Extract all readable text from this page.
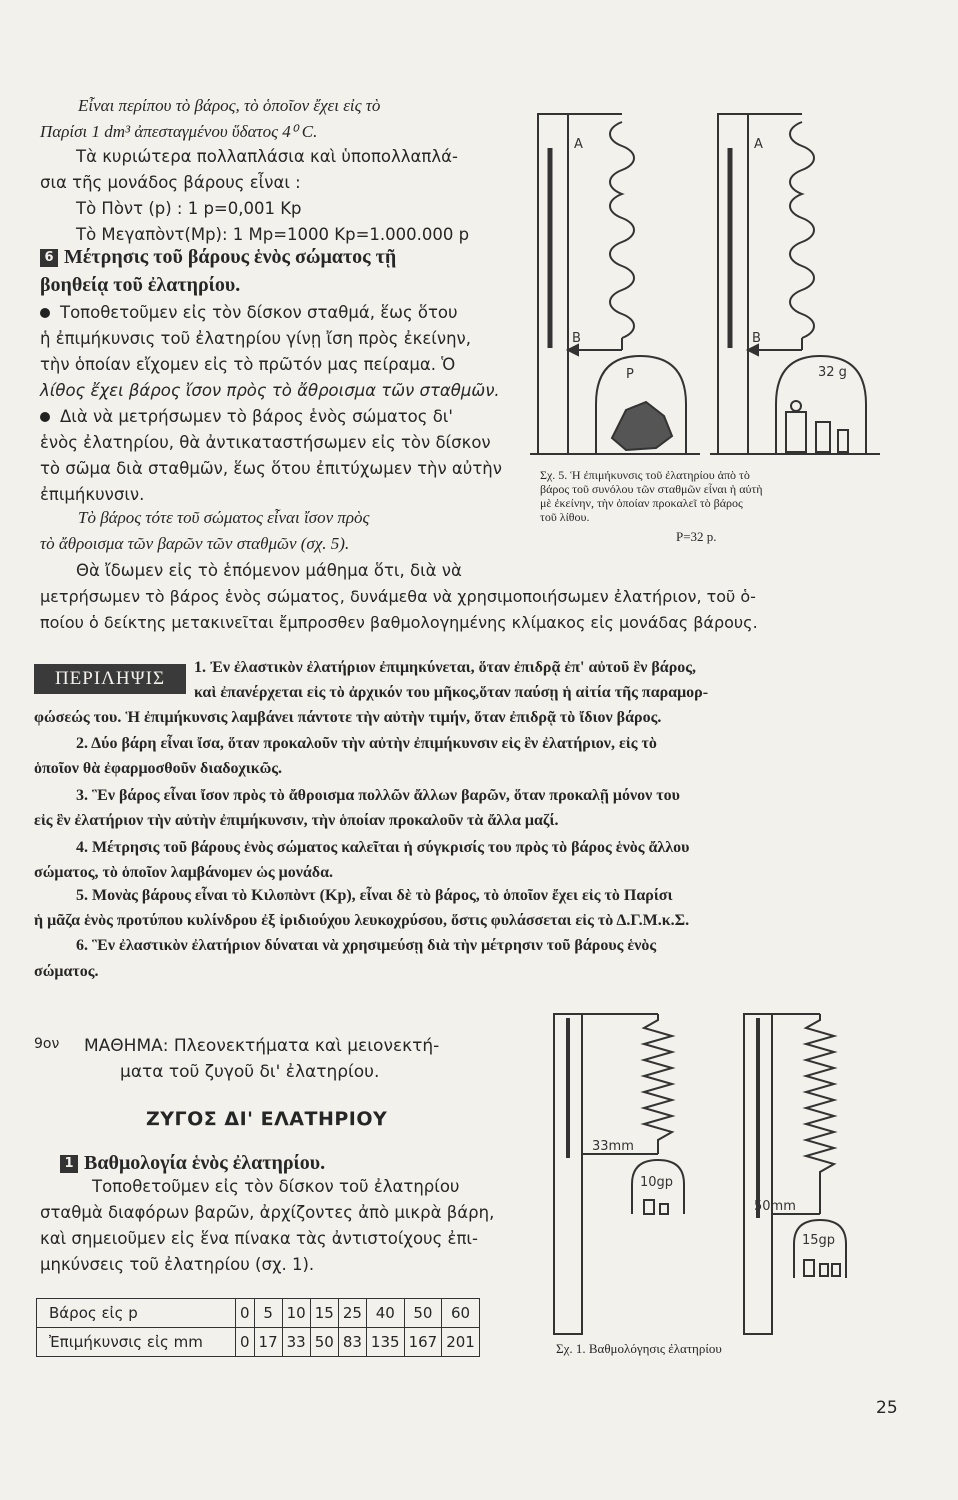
Εἶναι περίπου τὸ βάρος, τὸ ὁποῖον ἔχει εἰς τὸ
Παρίσι 1 dm³ ἀπεσταγμένου ὕδατος 4⁰ C.
Τὰ κυριώτερα πολλαπλάσια καὶ ὑποπολλαπλά-
σια τῆς μονάδος βάρους εἶναι :
Τὸ Πὸντ (p) : 1 p=0,001 Kp
Τὸ Μεγαπὸντ(Mp): 1 Mp=1000 Kp=1.000.000 p
6 Μέτρησις τοῦ βάρους ἑνὸς σώματος τῇ
βοηθείᾳ τοῦ ἐλατηρίου.
Τοποθετοῦμεν εἰς τὸν δίσκον σταθμά, ἕως ὅτου
ἡ ἐπιμήκυνσις τοῦ ἐλατηρίου γίνῃ ἴση πρὸς ἐκείνην,
τὴν ὁποίαν εἴχομεν εἰς τὸ πρῶτόν μας πείραμα. Ὁ
λίθος ἔχει βάρος ἴσον πρὸς τὸ ἄθροισμα τῶν σταθμῶν.
Διὰ νὰ μετρήσωμεν τὸ βάρος ἑνὸς σώματος δι'
ἑνὸς ἐλατηρίου, θὰ ἀντικαταστήσωμεν εἰς τὸν δίσκον
τὸ σῶμα διὰ σταθμῶν, ἕως ὅτου ἐπιτύχωμεν τὴν αὐτὴν
ἐπιμήκυνσιν.
Τὸ βάρος τότε τοῦ σώματος εἶναι ἴσον πρὸς
τὸ ἄθροισμα τῶν βαρῶν τῶν σταθμῶν (σχ. 5).
Θὰ ἴδωμεν εἰς τὸ ἑπόμενον μάθημα ὅτι, διὰ νὰ
μετρήσωμεν τὸ βάρος ἑνὸς σώματος, δυνάμεθα νὰ χρησιμοποιήσωμεν ἐλατήριον, τοῦ ὁ-
ποίου ὁ δείκτης μετακινεῖται ἔμπροσθεν βαθμολογημένης κλίμακος εἰς μονάδας βάρους.
A
B
P
A
B
32 g
Σχ. 5. Ἡ ἐπιμήκυνσις τοῦ ἐλατηρίου ἀπὸ τὸ
βάρος τοῦ συνόλου τῶν σταθμῶν εἶναι ἡ αὐτὴ
μὲ ἐκείνην, τὴν ὁποίαν προκαλεῖ τὸ βάρος
τοῦ λίθου.
P=32 p.
ΠΕΡΙΛΗΨΙΣ
1. Ἐν ἐλαστικὸν ἐλατήριον ἐπιμηκύνεται, ὅταν ἐπιδρᾷ ἐπ' αὐτοῦ ἓν βάρος,
καὶ ἐπανέρχεται εἰς τὸ ἀρχικόν του μῆκος,ὅταν παύσῃ ἡ αἰτία τῆς παραμορ-
φώσεώς του. Ἡ ἐπιμήκυνσις λαμβάνει πάντοτε τὴν αὐτὴν τιμήν, ὅταν ἐπιδρᾷ τὸ ἴδιον βάρος.
2. Δύο βάρη εἶναι ἴσα, ὅταν προκαλοῦν τὴν αὐτὴν ἐπιμήκυνσιν εἰς ἓν ἐλατήριον, εἰς τὸ
ὁποῖον θὰ ἐφαρμοσθοῦν διαδοχικῶς.
3. Ἓν βάρος εἶναι ἴσον πρὸς τὸ ἄθροισμα πολλῶν ἄλλων βαρῶν, ὅταν προκαλῇ μόνον του
εἰς ἓν ἐλατήριον τὴν αὐτὴν ἐπιμήκυνσιν, τὴν ὁποίαν προκαλοῦν τὰ ἄλλα μαζί.
4. Μέτρησις τοῦ βάρους ἑνὸς σώματος καλεῖται ἡ σύγκρισίς του πρὸς τὸ βάρος ἑνὸς ἄλλου
σώματος, τὸ ὁποῖον λαμβάνομεν ὡς μονάδα.
5. Μονὰς βάρους εἶναι τὸ Κιλοπὸντ (Kp), εἶναι δὲ τὸ βάρος, τὸ ὁποῖον ἔχει εἰς τὸ Παρίσι
ἡ μᾶζα ἑνὸς προτύπου κυλίνδρου ἐξ ἰριδιούχου λευκοχρύσου, ὅστις φυλάσσεται εἰς τὸ Δ.Γ.Μ.κ.Σ.
6. Ἓν ἐλαστικὸν ἐλατήριον δύναται νὰ χρησιμεύσῃ διὰ τὴν μέτρησιν τοῦ βάρους ἑνὸς
σώματος.
9ον ΜΑΘΗΜΑ: Πλεονεκτήματα καὶ μειονεκτή-
ματα τοῦ ζυγοῦ δι' ἐλατηρίου.
ΖΥΓΟΣ ΔΙ' ΕΛΑΤΗΡΙΟΥ
1 Βαθμολογία ἑνὸς ἐλατηρίου.
Τοποθετοῦμεν εἰς τὸν δίσκον τοῦ ἐλατηρίου
σταθμὰ διαφόρων βαρῶν, ἀρχίζοντες ἀπὸ μικρὰ βάρη,
καὶ σημειοῦμεν εἰς ἕνα πίνακα τὰς ἀντιστοίχους ἐπι-
μηκύνσεις τοῦ ἐλατηρίου (σχ. 1).
Βάρος εἰς p	0	5	10	15	25	40	50	60
Ἐπιμήκυνσις εἰς mm	0	17	33	50	83	135	167	201
33mm
10gp
50mm
15gp
Σχ. 1. Βαθμολόγησις ἐλατηρίου
25
